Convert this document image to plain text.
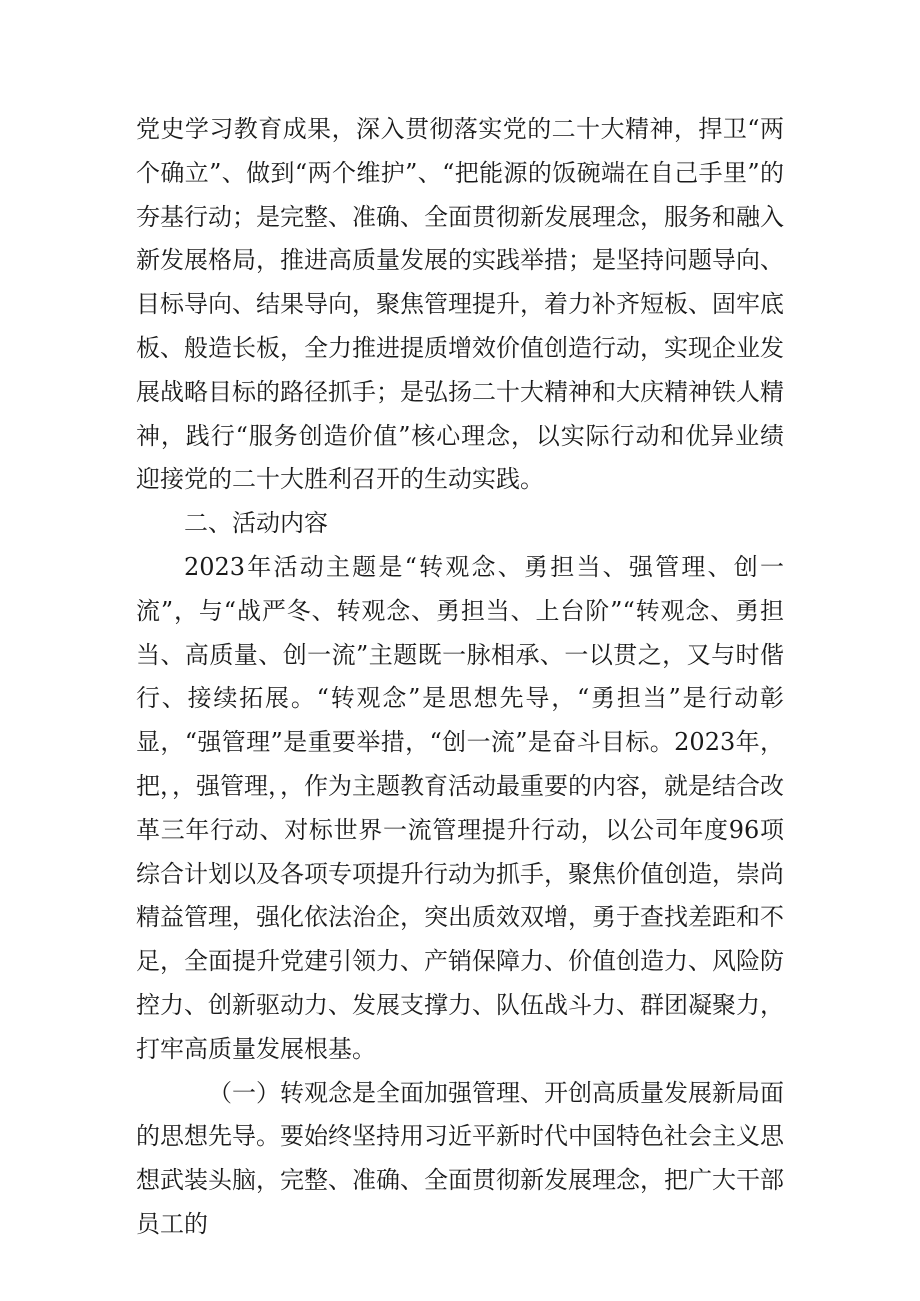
党史学习教育成果，深入贯彻落实党的二十大精神，捍卫“两个确立”、做到“两个维护”、“把能源的饭碗端在自己手里”的夯基行动；是完整、准确、全面贯彻新发展理念，服务和融入新发展格局，推进高质量发展的实践举措；是坚持问题导向、目标导向、结果导向，聚焦管理提升，着力补齐短板、固牢底板、般造长板，全力推进提质增效价值创造行动，实现企业发展战略目标的路径抓手；是弘扬二十大精神和大庆精神铁人精神，践行“服务创造价值”核心理念，以实际行动和优异业绩迎接党的二十大胜利召开的生动实践。

二、活动内容

2023年活动主题是“转观念、勇担当、强管理、创一流”，与“战严冬、转观念、勇担当、上台阶”“转观念、勇担当、高质量、创一流”主题既一脉相承、一以贯之，又与时偕行、接续拓展。“转观念”是思想先导，“勇担当”是行动彰显，“强管理”是重要举措，“创一流”是奋斗目标。2023年，把，，强管理，，作为主题教育活动最重要的内容，就是结合改革三年行动、对标世界一流管理提升行动，以公司年度96项综合计划以及各项专项提升行动为抓手，聚焦价值创造，崇尚精益管理，强化依法治企，突出质效双增，勇于查找差距和不足，全面提升党建引领力、产销保障力、价值创造力、风险防控力、创新驱动力、发展支撑力、队伍战斗力、群团凝聚力，打牢高质量发展根基。

（一）转观念是全面加强管理、开创高质量发展新局面的思想先导。要始终坚持用习近平新时代中国特色社会主义思想武装头脑，完整、准确、全面贯彻新发展理念，把广大干部员工的
